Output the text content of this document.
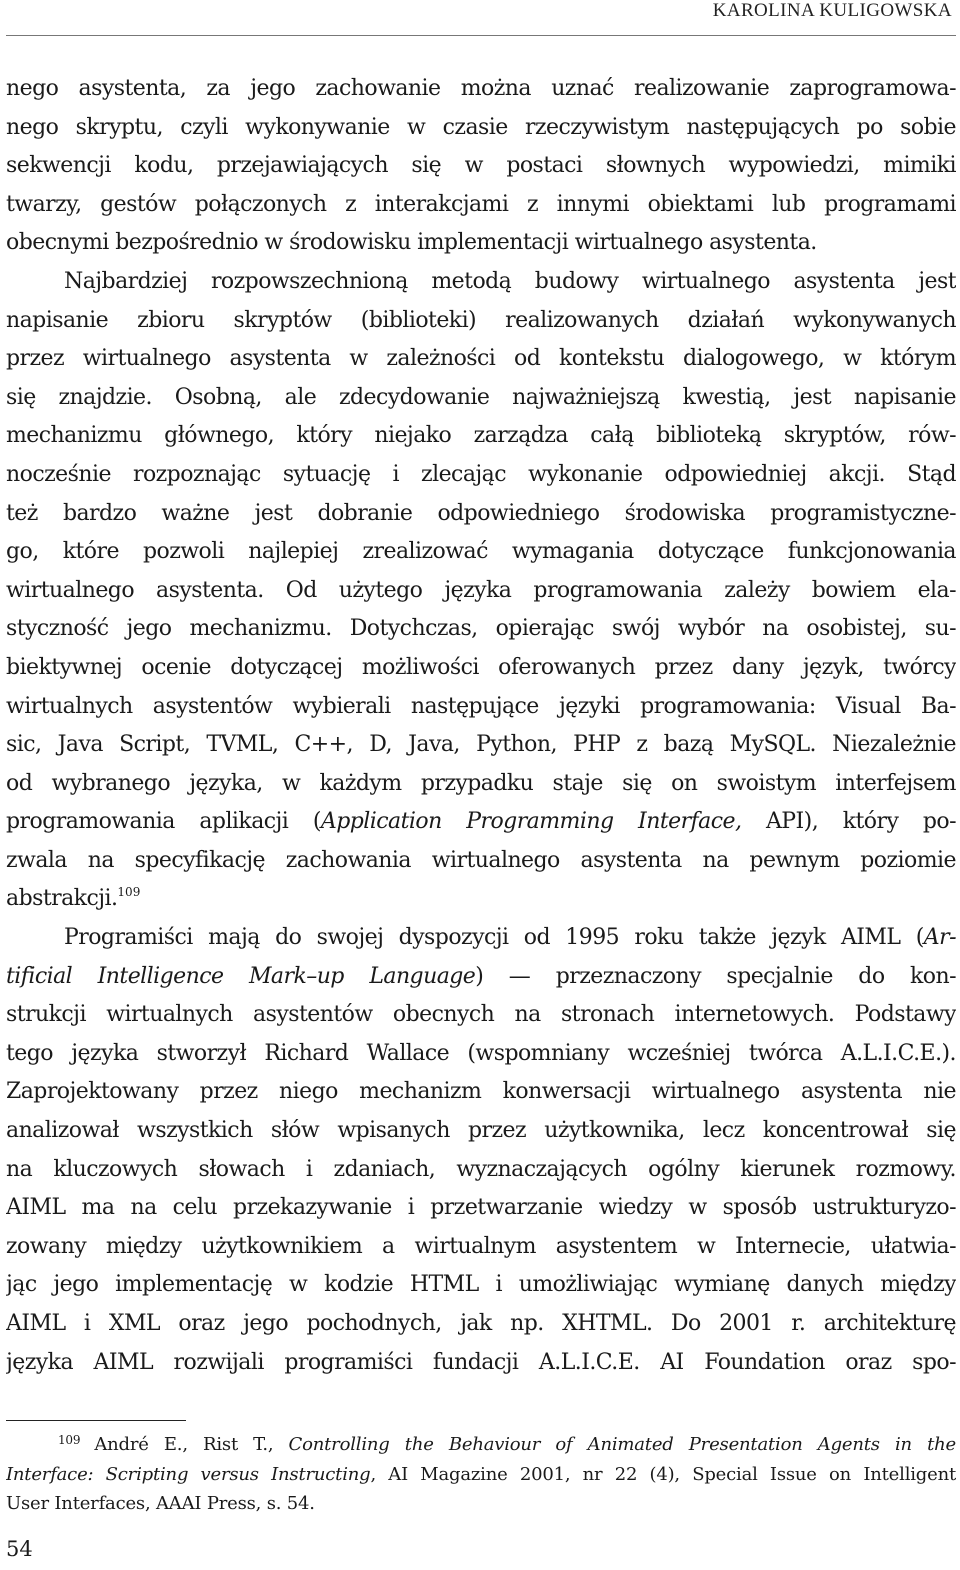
KAROLINA KULIGOWSKA
nego asystenta, za jego zachowanie można uznać realizowanie zaprogramowa-
nego skryptu, czyli wykonywanie w czasie rzeczywistym następujących po sobie
sekwencji kodu, przejawiających się w postaci słownych wypowiedzi, mimiki
twarzy, gestów połączonych z interakcjami z innymi obiektami lub programami
obecnymi bezpośrednio w środowisku implementacji wirtualnego asystenta.
Najbardziej rozpowszechnioną metodą budowy wirtualnego asystenta jest
napisanie zbioru skryptów (biblioteki) realizowanych działań wykonywanych
przez wirtualnego asystenta w zależności od kontekstu dialogowego, w którym
się znajdzie. Osobną, ale zdecydowanie najważniejszą kwestią, jest napisanie
mechanizmu głównego, który niejako zarządza całą biblioteką skryptów, rów-
nocześnie rozpoznając sytuację i zlecając wykonanie odpowiedniej akcji. Stąd
też bardzo ważne jest dobranie odpowiedniego środowiska programistyczne-
go, które pozwoli najlepiej zrealizować wymagania dotyczące funkcjonowania
wirtualnego asystenta. Od użytego języka programowania zależy bowiem ela-
styczność jego mechanizmu. Dotychczas, opierając swój wybór na osobistej, su-
biektywnej ocenie dotyczącej możliwości oferowanych przez dany język, twórcy
wirtualnych asystentów wybierali następujące języki programowania: Visual Ba-
sic, Java Script, TVML, C++, D, Java, Python, PHP z bazą MySQL. Niezależnie
od wybranego języka, w każdym przypadku staje się on swoistym interfejsem
programowania aplikacji (Application Programming Interface, API), który po-
zwala na specyfikację zachowania wirtualnego asystenta na pewnym poziomie
abstrakcji.$^{109}$
Programiści mają do swojej dyspozycji od 1995 roku także język AIML (Ar-
tificial Intelligence Mark–up Language) — przeznaczony specjalnie do kon-
strukcji wirtualnych asystentów obecnych na stronach internetowych. Podstawy
tego języka stworzył Richard Wallace (wspomniany wcześniej twórca A.L.I.C.E.).
Zaprojektowany przez niego mechanizm konwersacji wirtualnego asystenta nie
analizował wszystkich słów wpisanych przez użytkownika, lecz koncentrował się
na kluczowych słowach i zdaniach, wyznaczających ogólny kierunek rozmowy.
AIML ma na celu przekazywanie i przetwarzanie wiedzy w sposób ustrukturyzo-
zowany między użytkownikiem a wirtualnym asystentem w Internecie, ułatwia-
jąc jego implementację w kodzie HTML i umożliwiając wymianę danych między
AIML i XML oraz jego pochodnych, jak np. XHTML. Do 2001 r. architekturę
języka AIML rozwijali programiści fundacji A.L.I.C.E. AI Foundation oraz spo-
$^{109}$ André E., Rist T., Controlling the Behaviour of Animated Presentation Agents in the
Interface: Scripting versus Instructing, AI Magazine 2001, nr 22 (4), Special Issue on Intelligent
User Interfaces, AAAI Press, s. 54.
54
